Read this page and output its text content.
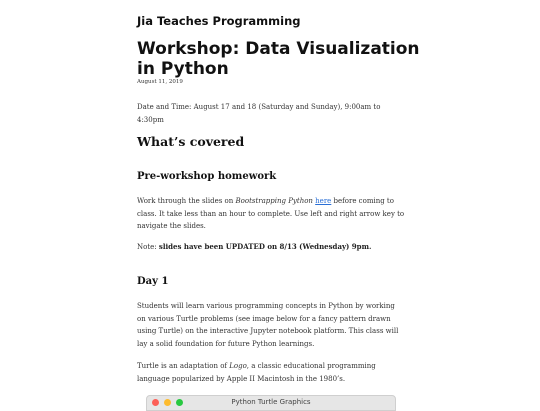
Jia Teaches Programming
Workshop: Data Visualization in Python
August 11, 2019
Date and Time: August 17 and 18 (Saturday and Sunday), 9:00am to 4:30pm
What’s covered
Pre-workshop homework
Work through the slides on Bootstrapping Python here before coming to class. It take less than an hour to complete. Use left and right arrow key to navigate the slides.
Note: slides have been UPDATED on 8/13 (Wednesday) 9pm.
Day 1
Students will learn various programming concepts in Python by working on various Turtle problems (see image below for a fancy pattern drawn using Turtle) on the interactive Jupyter notebook platform. This class will lay a solid foundation for future Python learnings.
Turtle is an adaptation of Logo, a classic educational programming language popularized by Apple II Macintosh in the 1980’s.
Python Turtle Graphics
